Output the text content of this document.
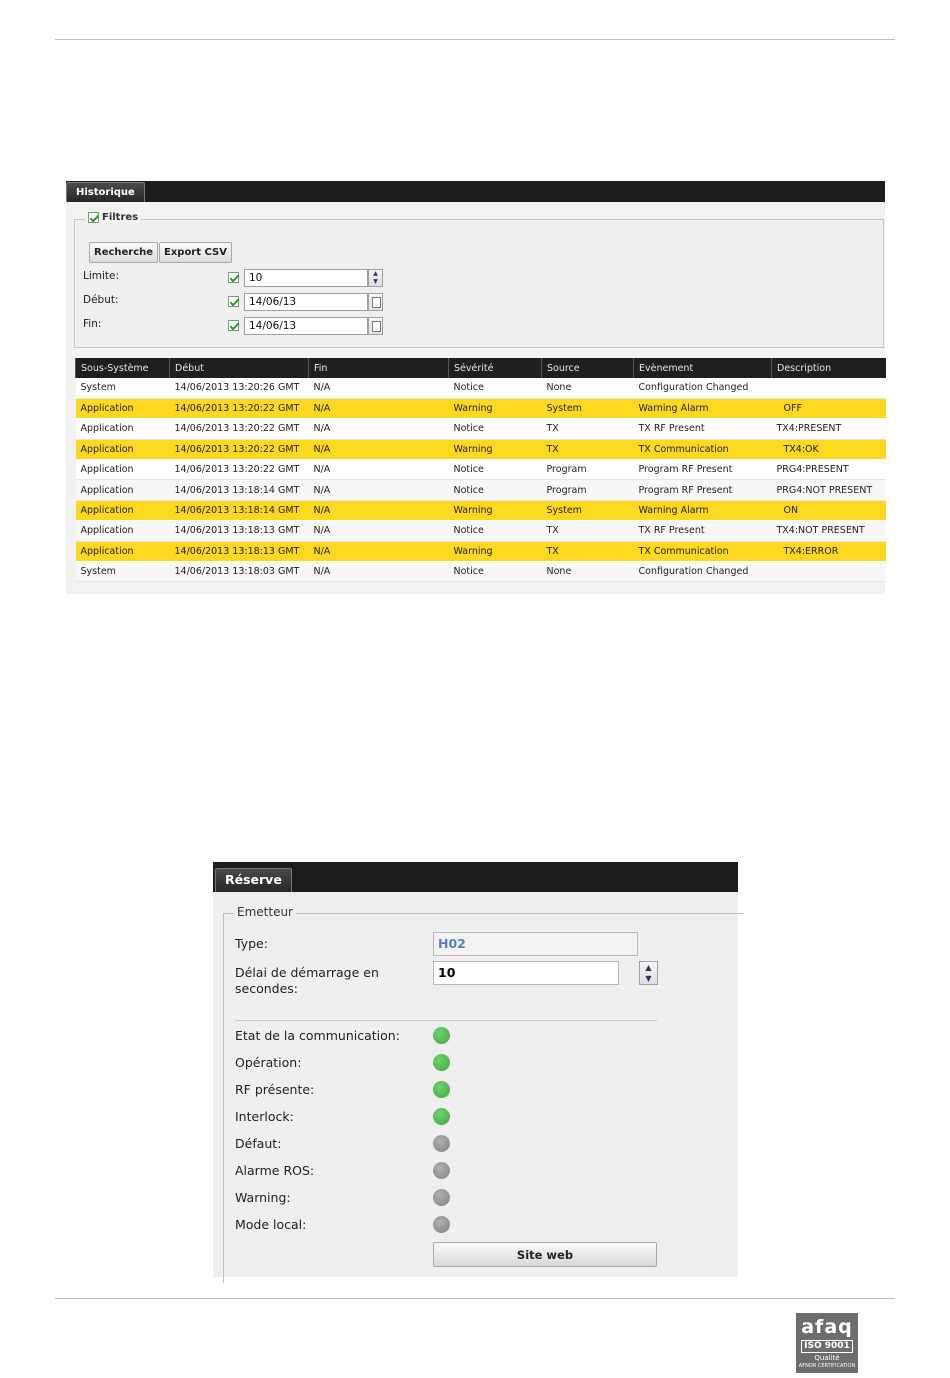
Historique
Filtres
Recherche	Export CSV
Limite:	10	▲
▼
Début:	14/06/13
Fin:	14/06/13
Sous-Système	Début	Fin	Sévérité	Source	Evènement	Description
System	14/06/2013 13:20:26 GMT	N/A	Notice	None	Configuration Changed	
Application	14/06/2013 13:20:22 GMT	N/A	Warning	System	Warning Alarm	OFF
Application	14/06/2013 13:20:22 GMT	N/A	Notice	TX	TX RF Present	TX4:PRESENT
Application	14/06/2013 13:20:22 GMT	N/A	Warning	TX	TX Communication	TX4:OK
Application	14/06/2013 13:20:22 GMT	N/A	Notice	Program	Program RF Present	PRG4:PRESENT
Application	14/06/2013 13:18:14 GMT	N/A	Notice	Program	Program RF Present	PRG4:NOT PRESENT
Application	14/06/2013 13:18:14 GMT	N/A	Warning	System	Warning Alarm	ON
Application	14/06/2013 13:18:13 GMT	N/A	Notice	TX	TX RF Present	TX4:NOT PRESENT
Application	14/06/2013 13:18:13 GMT	N/A	Warning	TX	TX Communication	TX4:ERROR
System	14/06/2013 13:18:03 GMT	N/A	Notice	None	Configuration Changed	
Réserve
Emetteur
Type:	H02
Délai de démarrage en
secondes:
10	▲
▼
Etat de la communication:
Opération:
RF présente:
Interlock:
Défaut:
Alarme ROS:
Warning:
Mode local:
Site web
afaq
ISO 9001
Qualité
AFNOR CERTIFICATION
